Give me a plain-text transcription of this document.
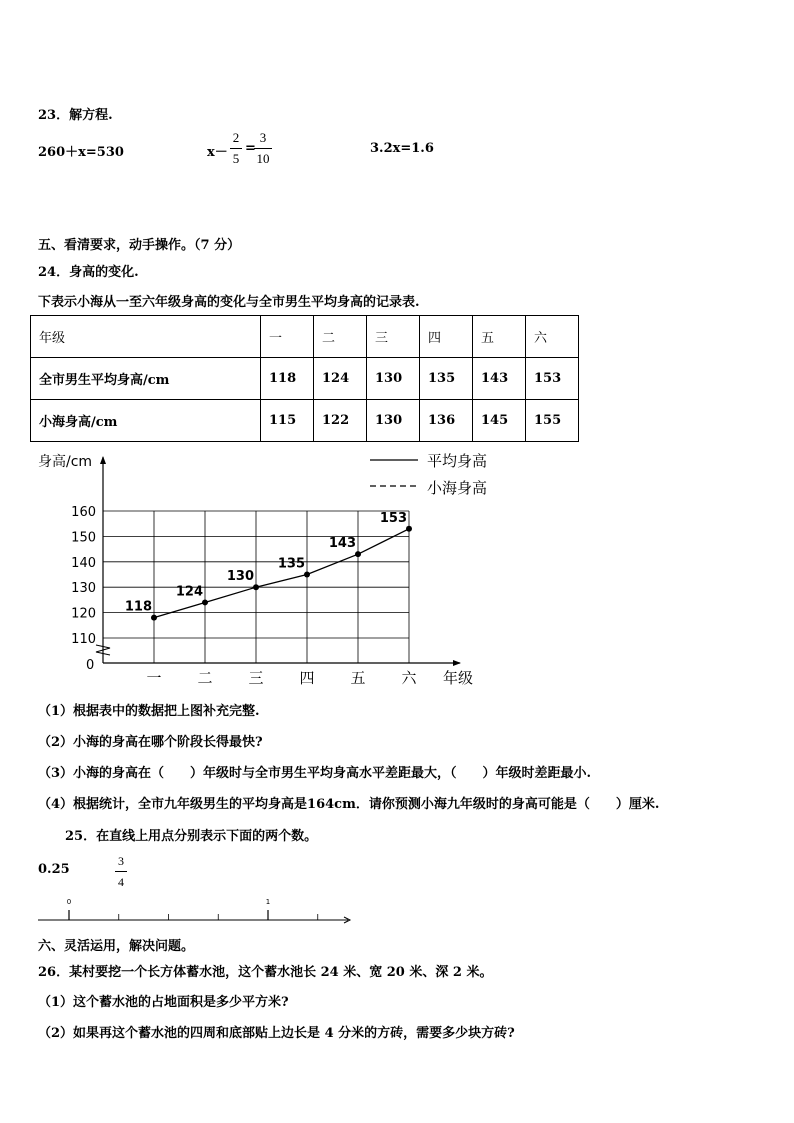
23．解方程.
260＋x=530	x－
2
5
=
3
10
3.2x=1.6
五、看清要求，动手操作。（7 分）
24．身高的变化.
下表示小海从一至六年级身高的变化与全市男生平均身高的记录表.
年级	一	二	三	四	五	六
全市男生平均身高/cm	118	124	130	135	143	153
小海身高/cm	115	122	130	136	145	155
身高/cm
年级
0
平均身高
小海身高
160
150
140
130
120
110
一 二 三 四 五 六
118
124
130
135
143
153
（1）根据表中的数据把上图补充完整.
（2）小海的身高在哪个阶段长得最快?
（3）小海的身高在（　　）年级时与全市男生平均身高水平差距最大，（　　）年级时差距最小.
（4）根据统计，全市九年级男生的平均身高是164cm．请你预测小海九年级时的身高可能是（　　）厘米.
25．在直线上用点分别表示下面的两个数。
0.25
3
4
0	1
六、灵活运用，解决问题。
26．某村要挖一个长方体蓄水池，这个蓄水池长 24 米、宽 20 米、深 2 米。
（1）这个蓄水池的占地面积是多少平方米?
（2）如果再这个蓄水池的四周和底部贴上边长是 4 分米的方砖，需要多少块方砖?
